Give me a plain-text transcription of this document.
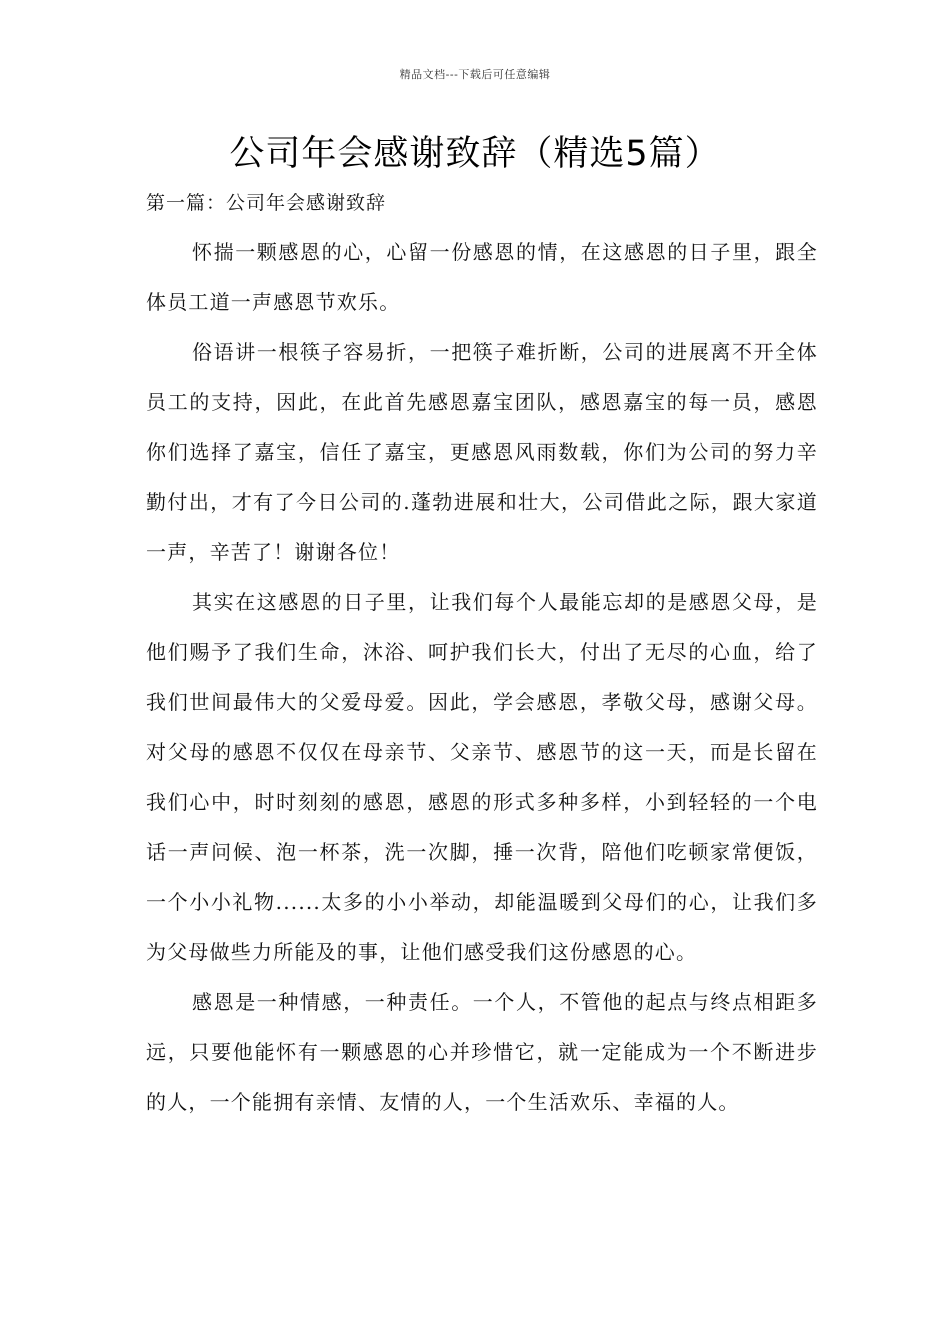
精品文档---下载后可任意编辑
公司年会感谢致辞（精选5篇）
第一篇：公司年会感谢致辞

怀揣一颗感恩的心，心留一份感恩的情，在这感恩的日子里，跟全体员工道一声感恩节欢乐。

俗语讲一根筷子容易折，一把筷子难折断，公司的进展离不开全体员工的支持，因此，在此首先感恩嘉宝团队，感恩嘉宝的每一员，感恩你们选择了嘉宝，信任了嘉宝，更感恩风雨数载，你们为公司的努力辛勤付出，才有了今日公司的.蓬勃进展和壮大，公司借此之际，跟大家道一声，辛苦了！谢谢各位！

其实在这感恩的日子里，让我们每个人最能忘却的是感恩父母，是他们赐予了我们生命，沐浴、呵护我们长大，付出了无尽的心血，给了我们世间最伟大的父爱母爱。因此，学会感恩，孝敬父母，感谢父母。对父母的感恩不仅仅在母亲节、父亲节、感恩节的这一天，而是长留在我们心中，时时刻刻的感恩，感恩的形式多种多样，小到轻轻的一个电话一声问候、泡一杯茶，洗一次脚，捶一次背，陪他们吃顿家常便饭，一个小小礼物......太多的小小举动，却能温暖到父母们的心，让我们多为父母做些力所能及的事，让他们感受我们这份感恩的心。

感恩是一种情感，一种责任。一个人，不管他的起点与终点相距多远，只要他能怀有一颗感恩的心并珍惜它，就一定能成为一个不断进步的人，一个能拥有亲情、友情的人，一个生活欢乐、幸福的人。
